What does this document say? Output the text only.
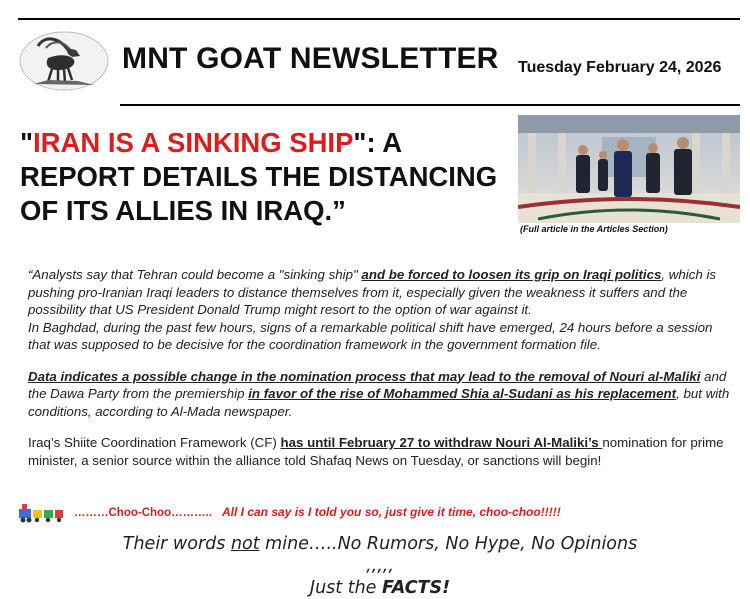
MNT GOAT NEWSLETTER Tuesday February 24, 2026
"IRAN IS A SINKING SHIP": A REPORT DETAILS THE DISTANCING OF ITS ALLIES IN IRAQ.”
(Full article in the Articles Section)

“Analysts say that Tehran could become a "sinking ship" and be forced to loosen its grip on Iraqi politics, which is pushing pro-Iranian Iraqi leaders to distance themselves from it, especially given the weakness it suffers and the possibility that US President Donald Trump might resort to the option of war against it.

In Baghdad, during the past few hours, signs of a remarkable political shift have emerged, 24 hours before a session that was supposed to be decisive for the coordination framework in the government formation file.

Data indicates a possible change in the nomination process that may lead to the removal of Nouri al-Maliki and the Dawa Party from the premiership in favor of the rise of Mohammed Shia al-Sudani as his replacement, but with conditions, according to Al-Mada newspaper.

Iraq’s Shiite Coordination Framework (CF) has until February 27 to withdraw Nouri Al-Maliki’s nomination for prime minister, a senior source within the alliance told Shafaq News on Tuesday, or sanctions will begin!

………Choo-Choo……….. All I can say is I told you so, just give it time, choo-choo!!!!!
Their words not mine…..No Rumors, No Hype, No Opinions ,,,,,
Just the FACTS!
